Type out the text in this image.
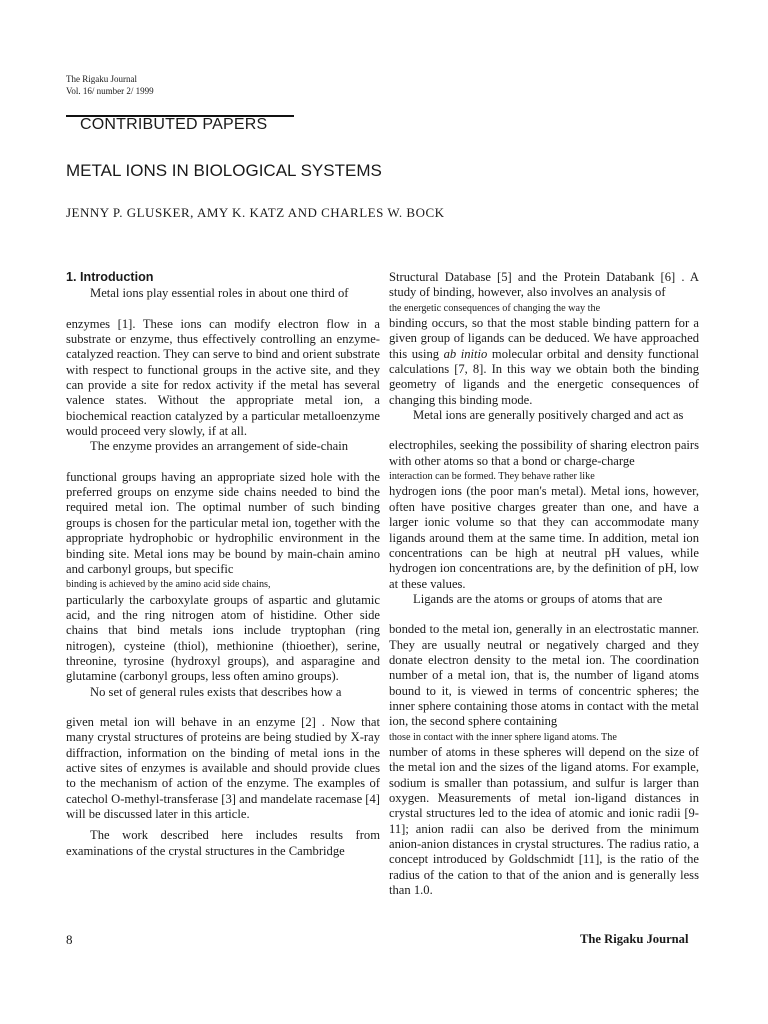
The Rigaku Journal
Vol. 16/ number 2/ 1999
CONTRIBUTED PAPERS
METAL IONS IN BIOLOGICAL SYSTEMS
JENNY P. GLUSKER, AMY K. KATZ AND CHARLES W. BOCK
1. Introduction

Metal ions play essential roles in about one third of

enzymes [1]. These ions can modify electron flow in a substrate or enzyme, thus effectively controlling an enzyme-catalyzed reaction. They can serve to bind and orient substrate with respect to functional groups in the active site, and they can provide a site for redox activity if the metal has several valence states. Without the appropriate metal ion, a biochemical reaction catalyzed by a particular metalloenzyme would proceed very slowly, if at all.

The enzyme provides an arrangement of side-chain

functional groups having an appropriate sized hole with the preferred groups on enzyme side chains needed to bind the required metal ion. The optimal number of such binding groups is chosen for the particular metal ion, together with the appropriate hydrophobic or hydrophilic environment in the binding site. Metal ions may be bound by main-chain amino and carbonyl groups, but specific

binding is achieved by the amino acid side chains,

particularly the carboxylate groups of aspartic and glutamic acid, and the ring nitrogen atom of histidine. Other side chains that bind metals ions include tryptophan (ring nitrogen), cysteine (thiol), methionine (thioether), serine, threonine, tyrosine (hydroxyl groups), and asparagine and glutamine (carbonyl groups, less often amino groups).

No set of general rules exists that describes how a

given metal ion will behave in an enzyme [2] . Now that many crystal structures of proteins are being studied by X-ray diffraction, information on the binding of metal ions in the active sites of enzymes is available and should provide clues to the mechanism of action of the enzyme. The examples of catechol O-methyl-transferase [3] and mandelate racemase [4] will be discussed later in this article.

The work described here includes results from examinations of the crystal structures in the Cambridge

Structural Database [5] and the Protein Databank [6] . A study of binding, however, also involves an analysis of

the energetic consequences of changing the way the

binding occurs, so that the most stable binding pattern for a given group of ligands can be deduced. We have approached this using ab initio molecular orbital and density functional calculations [7, 8]. In this way we obtain both the binding geometry of ligands and the energetic consequences of changing this binding mode.

Metal ions are generally positively charged and act as

electrophiles, seeking the possibility of sharing electron pairs with other atoms so that a bond or charge-charge

interaction can be formed. They behave rather like

hydrogen ions (the poor man's metal). Metal ions, however, often have positive charges greater than one, and have a larger ionic volume so that they can accommodate many ligands around them at the same time. In addition, metal ion concentrations can be high at neutral pH values, while hydrogen ion concentrations are, by the definition of pH, low at these values.

Ligands are the atoms or groups of atoms that are

bonded to the metal ion, generally in an electrostatic manner. They are usually neutral or negatively charged and they donate electron density to the metal ion. The coordination number of a metal ion, that is, the number of ligand atoms bound to it, is viewed in terms of concentric spheres; the inner sphere containing those atoms in contact with the metal ion, the second sphere containing

those in contact with the inner sphere ligand atoms. The

number of atoms in these spheres will depend on the size of the metal ion and the sizes of the ligand atoms. For example, sodium is smaller than potassium, and sulfur is larger than oxygen. Measurements of metal ion-ligand distances in crystal structures led to the idea of atomic and ionic radii [9-11]; anion radii can also be derived from the minimum anion-anion distances in crystal structures. The radius ratio, a concept introduced by Goldschmidt [11], is the ratio of the radius of the cation to that of the anion and is generally less than 1.0.

8	The Rigaku Journal
